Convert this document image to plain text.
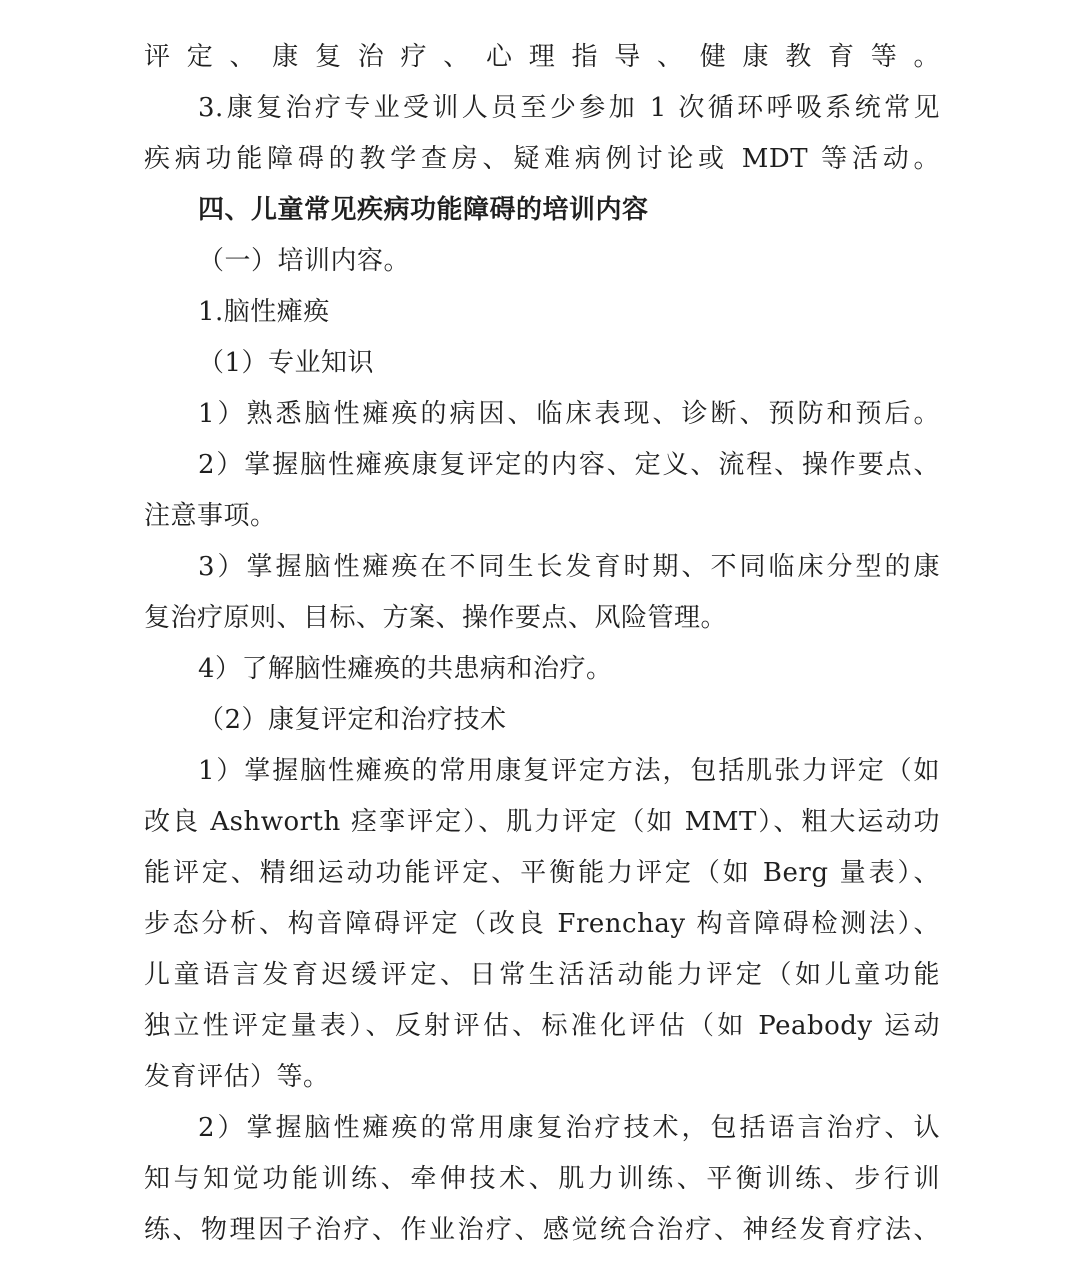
评定、康复治疗、心理指导、健康教育等。
3.康复治疗专业受训人员至少参加 1 次循环呼吸系统常见
疾病功能障碍的教学查房、疑难病例讨论或 MDT 等活动。
四、儿童常见疾病功能障碍的培训内容
（一）培训内容。
1.脑性瘫痪
（1）专业知识
1）熟悉脑性瘫痪的病因、临床表现、诊断、预防和预后。
2）掌握脑性瘫痪康复评定的内容、定义、流程、操作要点、
注意事项。
3）掌握脑性瘫痪在不同生长发育时期、不同临床分型的康
复治疗原则、目标、方案、操作要点、风险管理。
4）了解脑性瘫痪的共患病和治疗。
（2）康复评定和治疗技术
1）掌握脑性瘫痪的常用康复评定方法，包括肌张力评定（如
改良 Ashworth 痉挛评定）、肌力评定（如 MMT）、粗大运动功
能评定、精细运动功能评定、平衡能力评定（如 Berg 量表）、
步态分析、构音障碍评定（改良 Frenchay 构音障碍检测法）、
儿童语言发育迟缓评定、日常生活活动能力评定（如儿童功能
独立性评定量表）、反射评估、标准化评估（如 Peabody 运动
发育评估）等。
2）掌握脑性瘫痪的常用康复治疗技术，包括语言治疗、认
知与知觉功能训练、牵伸技术、肌力训练、平衡训练、步行训
练、物理因子治疗、作业治疗、感觉统合治疗、神经发育疗法、
